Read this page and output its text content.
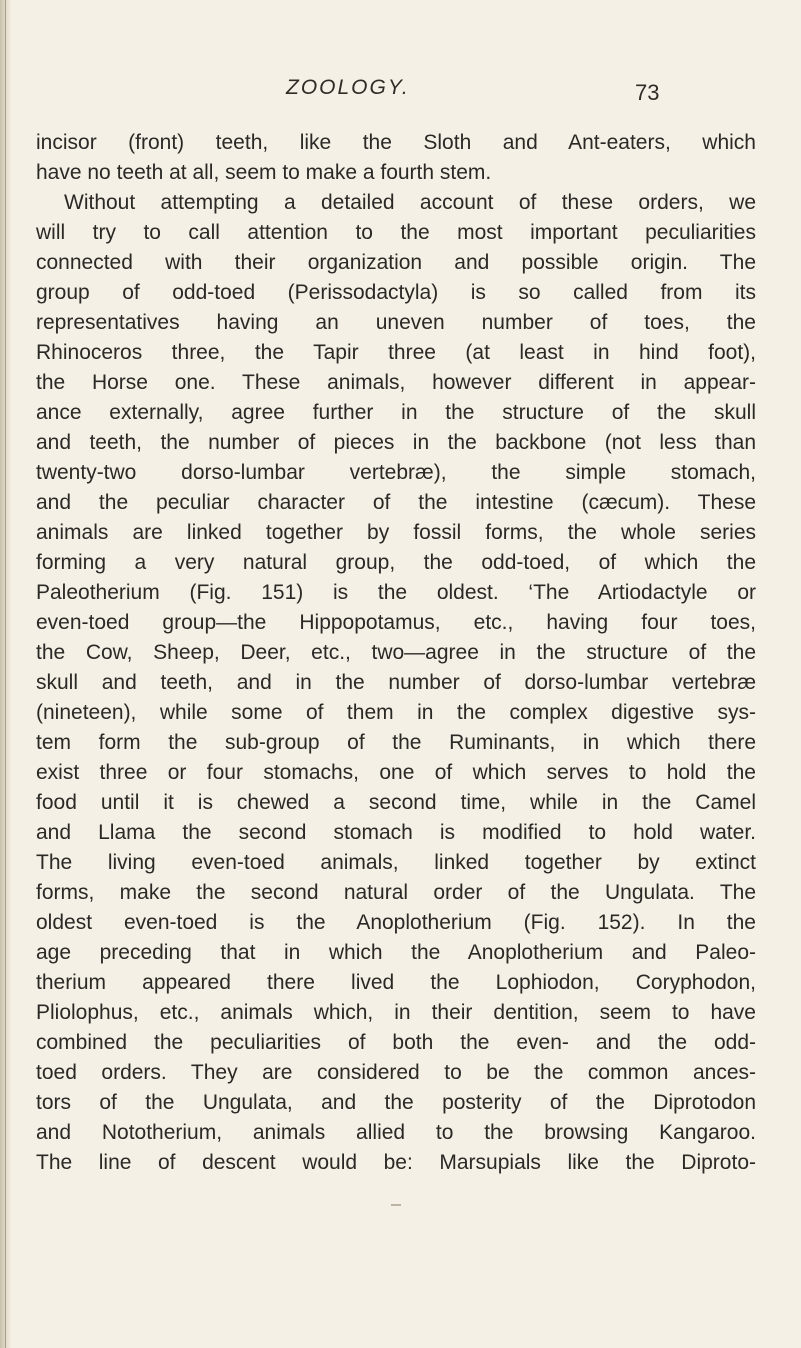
ZOOLOGY.	73
incisor (front) teeth, like the Sloth and Ant-eaters, which
have no teeth at all, seem to make a fourth stem.
Without attempting a detailed account of these orders, we
will try to call attention to the most important peculiarities
connected with their organization and possible origin. The
group of odd-toed (Perissodactyla) is so called from its
representatives having an uneven number of toes, the
Rhinoceros three, the Tapir three (at least in hind foot),
the Horse one. These animals, however different in appear-
ance externally, agree further in the structure of the skull
and teeth, the number of pieces in the backbone (not less than
twenty-two dorso-lumbar vertebræ), the simple stomach,
and the peculiar character of the intestine (cæcum). These
animals are linked together by fossil forms, the whole series
forming a very natural group, the odd-toed, of which the
Paleotherium (Fig. 151) is the oldest. ‘The Artiodactyle or
even-toed group—the Hippopotamus, etc., having four toes,
the Cow, Sheep, Deer, etc., two—agree in the structure of the
skull and teeth, and in the number of dorso-lumbar vertebræ
(nineteen), while some of them in the complex digestive sys-
tem form the sub-group of the Ruminants, in which there
exist three or four stomachs, one of which serves to hold the
food until it is chewed a second time, while in the Camel
and Llama the second stomach is modified to hold water.
The living even-toed animals, linked together by extinct
forms, make the second natural order of the Ungulata. The
oldest even-toed is the Anoplotherium (Fig. 152). In the
age preceding that in which the Anoplotherium and Paleo-
therium appeared there lived the Lophiodon, Coryphodon,
Pliolophus, etc., animals which, in their dentition, seem to have
combined the peculiarities of both the even- and the odd-
toed orders. They are considered to be the common ances-
tors of the Ungulata, and the posterity of the Diprotodon
and Nototherium, animals allied to the browsing Kangaroo.
The line of descent would be: Marsupials like the Diproto-
